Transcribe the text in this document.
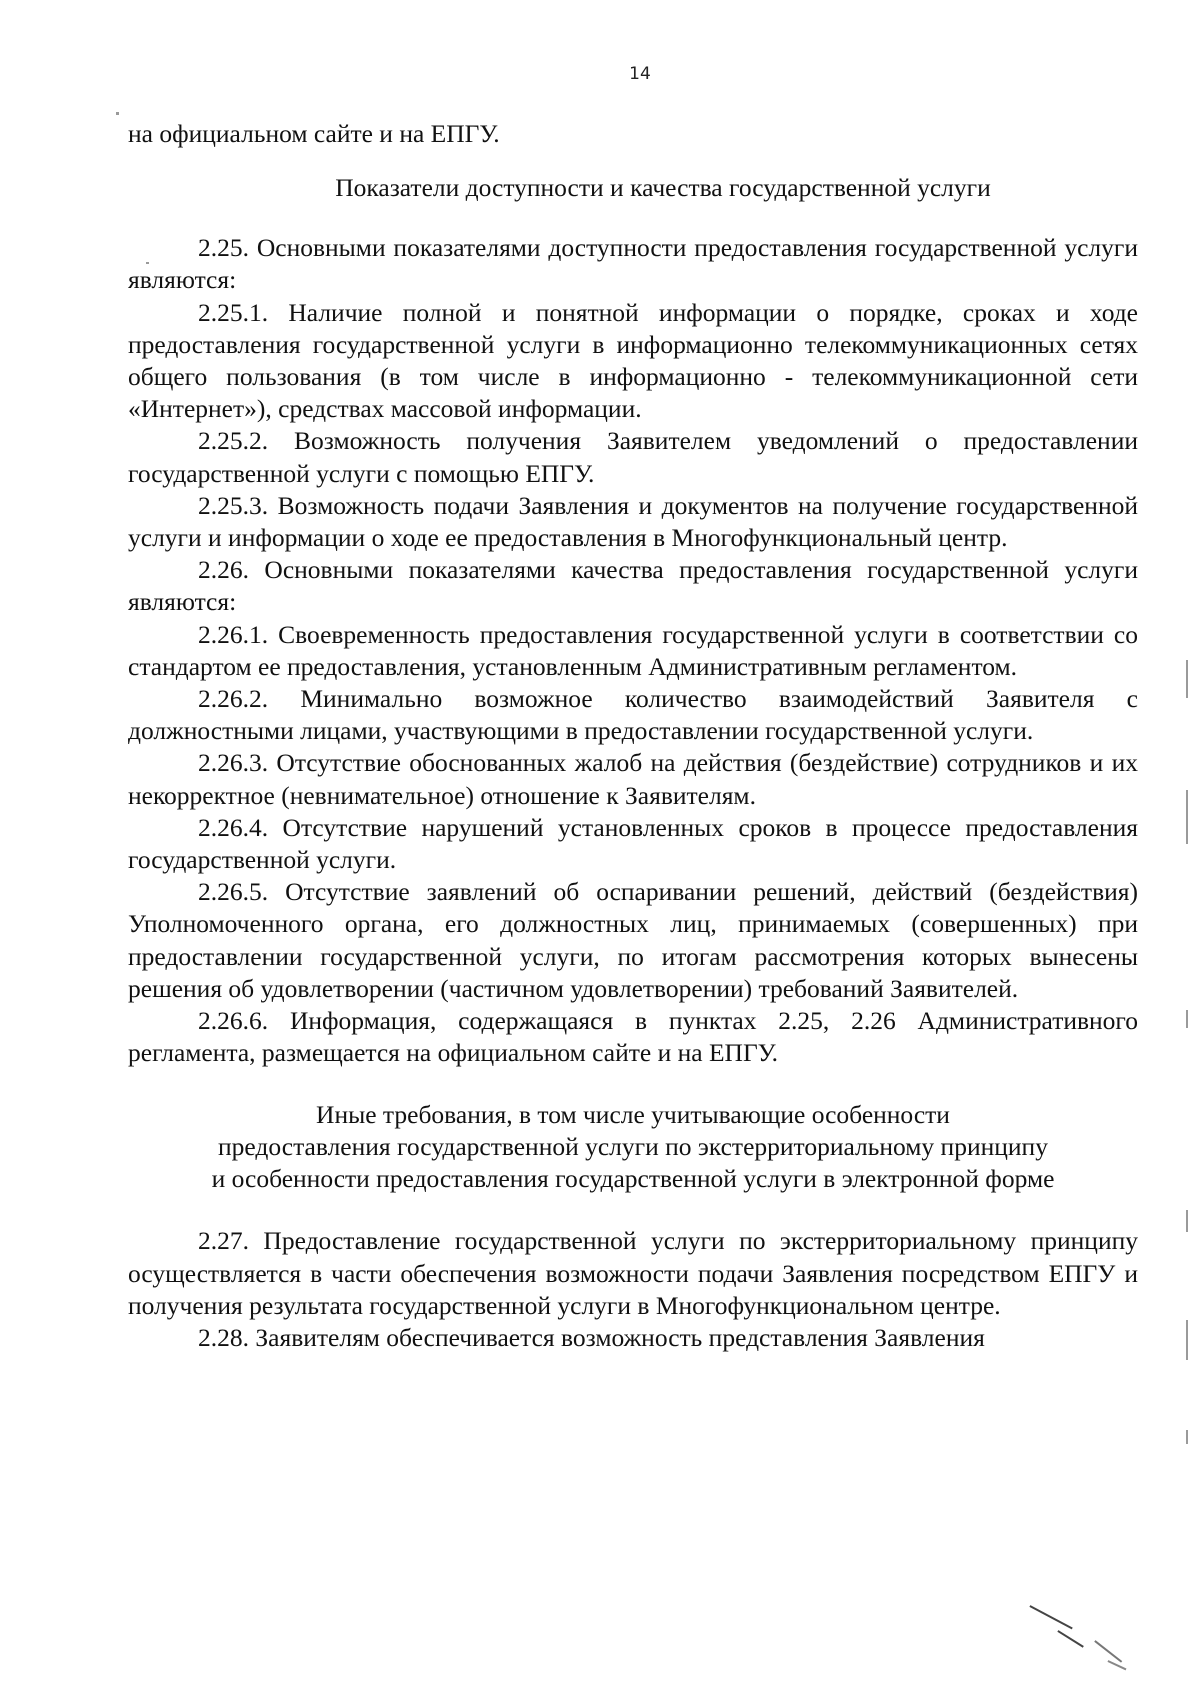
14

на официальном сайте и на ЕПГУ.

Показатели доступности и качества государственной услуги

2.25. Основными показателями доступности предоставления государственной услуги являются:

2.25.1. Наличие полной и понятной информации о порядке, сроках и ходе предоставления государственной услуги в информационно телекоммуникационных сетях общего пользования (в том числе в информационно - телекоммуникационной сети «Интернет»), средствах массовой информации.

2.25.2. Возможность получения Заявителем уведомлений о предоставлении государственной услуги с помощью ЕПГУ.

2.25.3. Возможность подачи Заявления и документов на получение государственной услуги и информации о ходе ее предоставления в Многофункциональный центр.

2.26. Основными показателями качества предоставления государственной услуги являются:

2.26.1. Своевременность предоставления государственной услуги в соответствии со стандартом ее предоставления, установленным Административным регламентом.

2.26.2. Минимально возможное количество взаимодействий Заявителя с должностными лицами, участвующими в предоставлении государственной услуги.

2.26.3. Отсутствие обоснованных жалоб на действия (бездействие) сотрудников и их некорректное (невнимательное) отношение к Заявителям.

2.26.4. Отсутствие нарушений установленных сроков в процессе предоставления государственной услуги.

2.26.5. Отсутствие заявлений об оспаривании решений, действий (бездействия) Уполномоченного органа, его должностных лиц, принимаемых (совершенных) при предоставлении государственной услуги, по итогам рассмотрения которых вынесены решения об удовлетворении (частичном удовлетворении) требований Заявителей.

2.26.6. Информация, содержащаяся в пунктах 2.25, 2.26 Административного регламента, размещается на официальном сайте и на ЕПГУ.

Иные требования, в том числе учитывающие особенности
предоставления государственной услуги по экстерриториальному принципу
и особенности предоставления государственной услуги в электронной форме

2.27. Предоставление государственной услуги по экстерриториальному принципу осуществляется в части обеспечения возможности подачи Заявления посредством ЕПГУ и получения результата государственной услуги в Многофункциональном центре.

2.28. Заявителям обеспечивается возможность представления Заявления
